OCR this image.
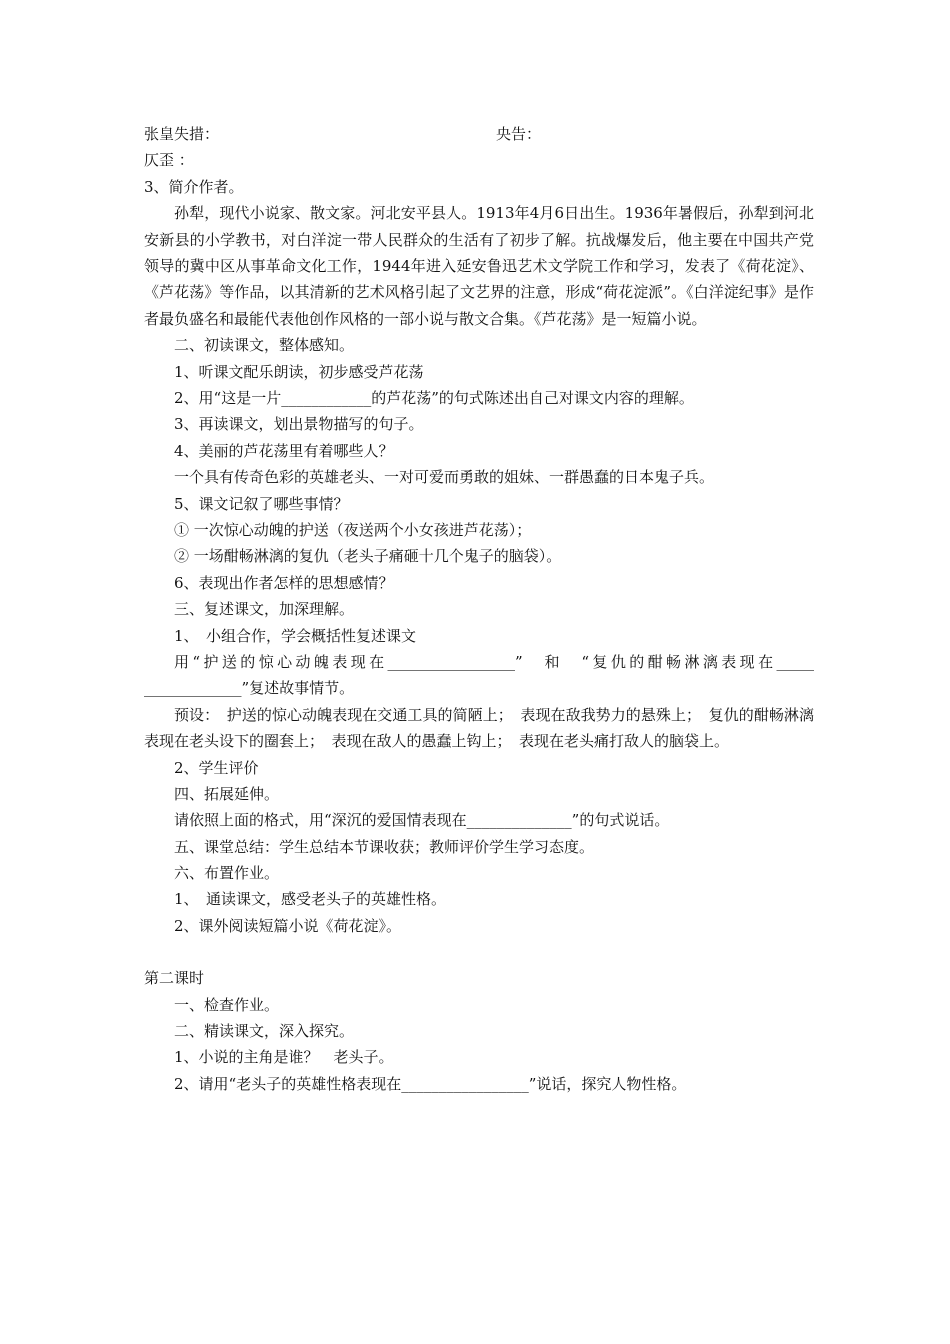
张皇失措：	央告：
仄歪 ：
3、简介作者。

孙犁，现代小说家、散文家。河北安平县人。1913年4月6日出生。1936年暑假后，孙犁到河北安新县的小学教书，对白洋淀一带人民群众的生活有了初步了解。抗战爆发后，他主要在中国共产党领导的冀中区从事革命文化工作，1944年进入延安鲁迅艺术文学院工作和学习，发表了《荷花淀》、《芦花荡》等作品，以其清新的艺术风格引起了文艺界的注意，形成“荷花淀派”。《白洋淀纪事》是作者最负盛名和最能代表他创作风格的一部小说与散文合集。《芦花荡》是一短篇小说。

二、初读课文，整体感知。
1、听课文配乐朗读，初步感受芦花荡
2、用“这是一片____________的芦花荡”的句式陈述出自己对课文内容的理解。
3、再读课文，划出景物描写的句子。
4、美丽的芦花荡里有着哪些人？
一个具有传奇色彩的英雄老头、一对可爱而勇敢的姐妹、一群愚蠢的日本鬼子兵。
5、课文记叙了哪些事情？
① 一次惊心动魄的护送（夜送两个小女孩进芦花荡）；
② 一场酣畅淋漓的复仇（老头子痛砸十几个鬼子的脑袋）。
6、表现出作者怎样的思想感情？
三、复述课文，加深理解。
1、　小组合作，学会概括性复述课文

用“护送的惊心动魄表现在_________________”　和　“复仇的酣畅淋漓表现在_____ _____________”复述故事情节。

预设：　护送的惊心动魄表现在交通工具的简陋上；　表现在敌我势力的悬殊上；　复仇的酣畅淋漓表现在老头设下的圈套上；　表现在敌人的愚蠢上钩上；　表现在老头痛打敌人的脑袋上。

2、学生评价
四、拓展延伸。
请依照上面的格式，用“深沉的爱国情表现在______________”的句式说话。
五、课堂总结：学生总结本节课收获；教师评价学生学习态度。
六、布置作业。
1、　通读课文，感受老头子的英雄性格。
2、课外阅读短篇小说《荷花淀》。
第二课时
一、检查作业。
二、精读课文，深入探究。
1、小说的主角是谁？　老头子。
2、请用“老头子的英雄性格表现在_________________”说话，探究人物性格。
